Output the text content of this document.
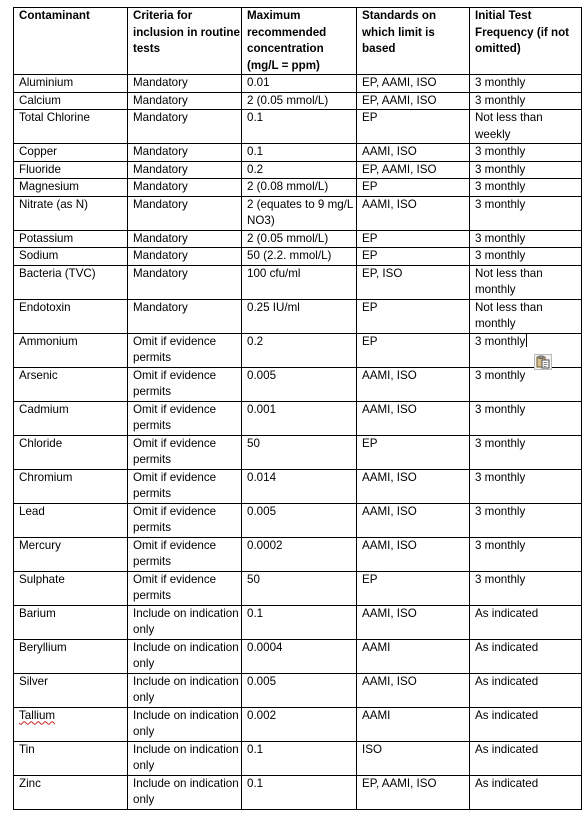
Contaminant	Criteria for inclusion in routine tests	Maximum recommended concentration (mg/L = ppm)	Standards on which limit is based	Initial Test Frequency (if not omitted)
Aluminium	Mandatory	0.01	EP, AAMI, ISO	3 monthly
Calcium	Mandatory	2 (0.05 mmol/L)	EP, AAMI, ISO	3 monthly
Total Chlorine	Mandatory	0.1	EP	Not less than weekly
Copper	Mandatory	0.1	AAMI, ISO	3 monthly
Fluoride	Mandatory	0.2	EP, AAMI, ISO	3 monthly
Magnesium	Mandatory	2 (0.08 mmol/L)	EP	3 monthly
Nitrate (as N)	Mandatory	2 (equates to 9 mg/L NO3)	AAMI, ISO	3 monthly
Potassium	Mandatory	2 (0.05 mmol/L)	EP	3 monthly
Sodium	Mandatory	50 (2.2. mmol/L)	EP	3 monthly
Bacteria (TVC)	Mandatory	100 cfu/ml	EP, ISO	Not less than monthly
Endotoxin	Mandatory	0.25 IU/ml	EP	Not less than monthly
Ammonium	Omit if evidence permits	0.2	EP	3 monthly
Arsenic	Omit if evidence permits	0.005	AAMI, ISO	3 monthly
Cadmium	Omit if evidence permits	0.001	AAMI, ISO	3 monthly
Chloride	Omit if evidence permits	50	EP	3 monthly
Chromium	Omit if evidence permits	0.014	AAMI, ISO	3 monthly
Lead	Omit if evidence permits	0.005	AAMI, ISO	3 monthly
Mercury	Omit if evidence permits	0.0002	AAMI, ISO	3 monthly
Sulphate	Omit if evidence permits	50	EP	3 monthly
Barium	Include on indication only	0.1	AAMI, ISO	As indicated
Beryllium	Include on indication only	0.0004	AAMI	As indicated
Silver	Include on indication only	0.005	AAMI, ISO	As indicated
Tallium	Include on indication only	0.002	AAMI	As indicated
Tin	Include on indication only	0.1	ISO	As indicated
Zinc	Include on indication only	0.1	EP, AAMI, ISO	As indicated
